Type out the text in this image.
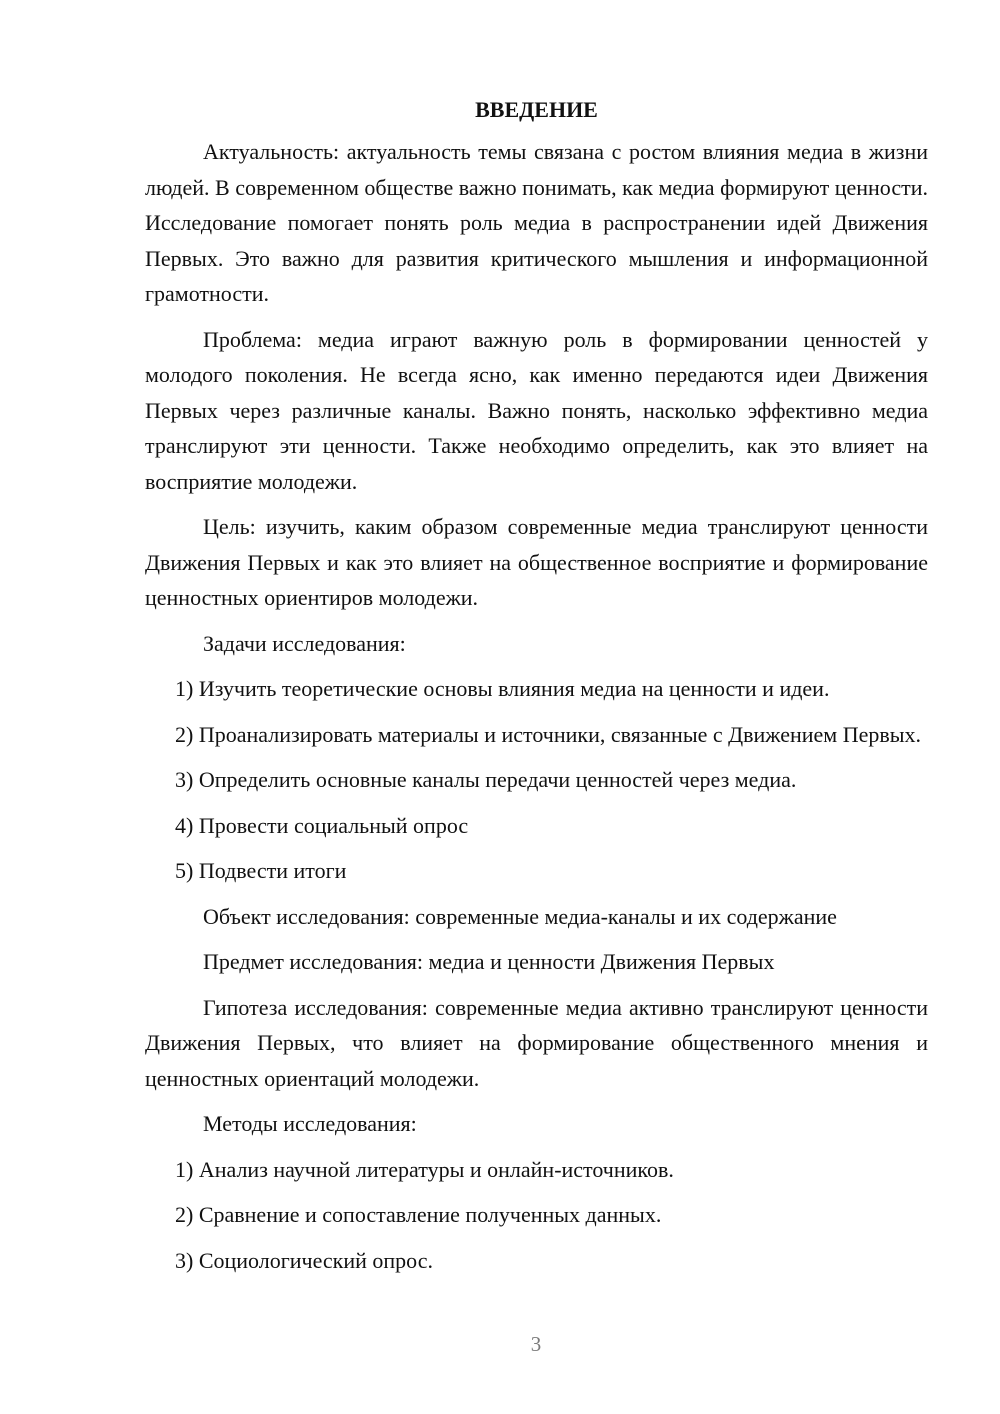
ВВЕДЕНИЕ

Актуальность: актуальность темы связана с ростом влияния медиа в жизни людей. В современном обществе важно понимать, как медиа формируют ценности. Исследование помогает понять роль медиа в распространении идей Движения Первых. Это важно для развития критического мышления и информационной грамотности.

Проблема: медиа играют важную роль в формировании ценностей у молодого поколения. Не всегда ясно, как именно передаются идеи Движения Первых через различные каналы. Важно понять, насколько эффективно медиа транслируют эти ценности. Также необходимо определить, как это влияет на восприятие молодежи.

Цель: изучить, каким образом современные медиа транслируют ценности Движения Первых и как это влияет на общественное восприятие и формирование ценностных ориентиров молодежи.

Задачи исследования:

1) Изучить теоретические основы влияния медиа на ценности и идеи.

2) Проанализировать материалы и источники, связанные с Движением Первых.

3) Определить основные каналы передачи ценностей через медиа.

4) Провести социальный опрос

5) Подвести итоги

Объект исследования: современные медиа-каналы и их содержание

Предмет исследования: медиа и ценности Движения Первых

Гипотеза исследования: современные медиа активно транслируют ценности Движения Первых, что влияет на формирование общественного мнения и ценностных ориентаций молодежи.

Методы исследования:

1) Анализ научной литературы и онлайн-источников.

2) Сравнение и сопоставление полученных данных.

3) Социологический опрос.

3
